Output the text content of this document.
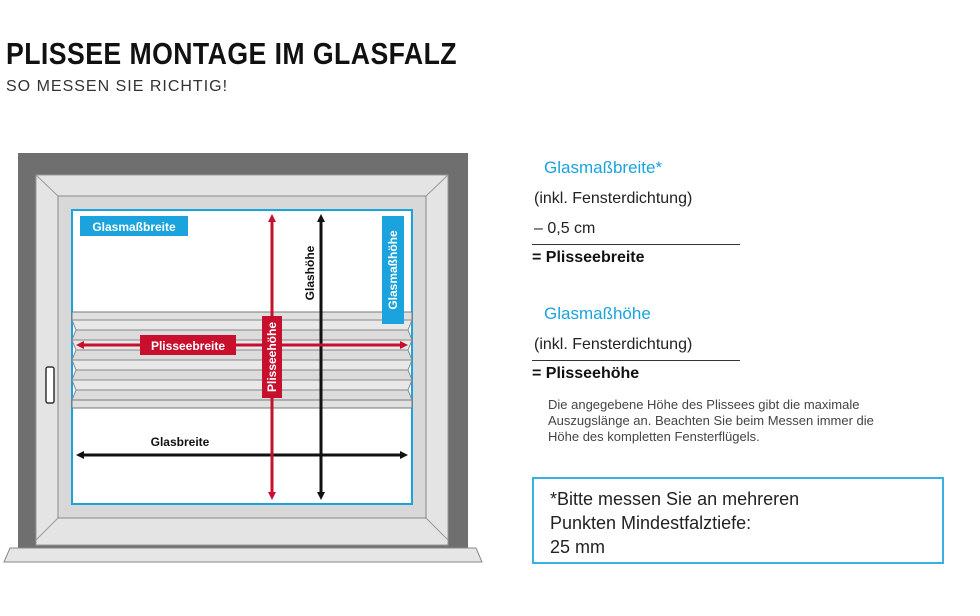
PLISSEE MONTAGE IM GLASFALZ
SO MESSEN SIE RICHTIG!
Glasmaßbreite
Glasmaßhöhe
Glashöhe
Plisseebreite	Plisseehöhe
Glasbreite
Glasmaßbreite*
(inkl. Fensterdichtung)
– 0,5 cm
= Plisseebreite
Glasmaßhöhe
(inkl. Fensterdichtung)
= Plisseehöhe
Die angegebene Höhe des Plissees gibt die maximale
Auszugslänge an. Beachten Sie beim Messen immer die
Höhe des kompletten Fensterflügels.
*Bitte messen Sie an mehreren
Punkten Mindestfalztiefe:
25 mm
